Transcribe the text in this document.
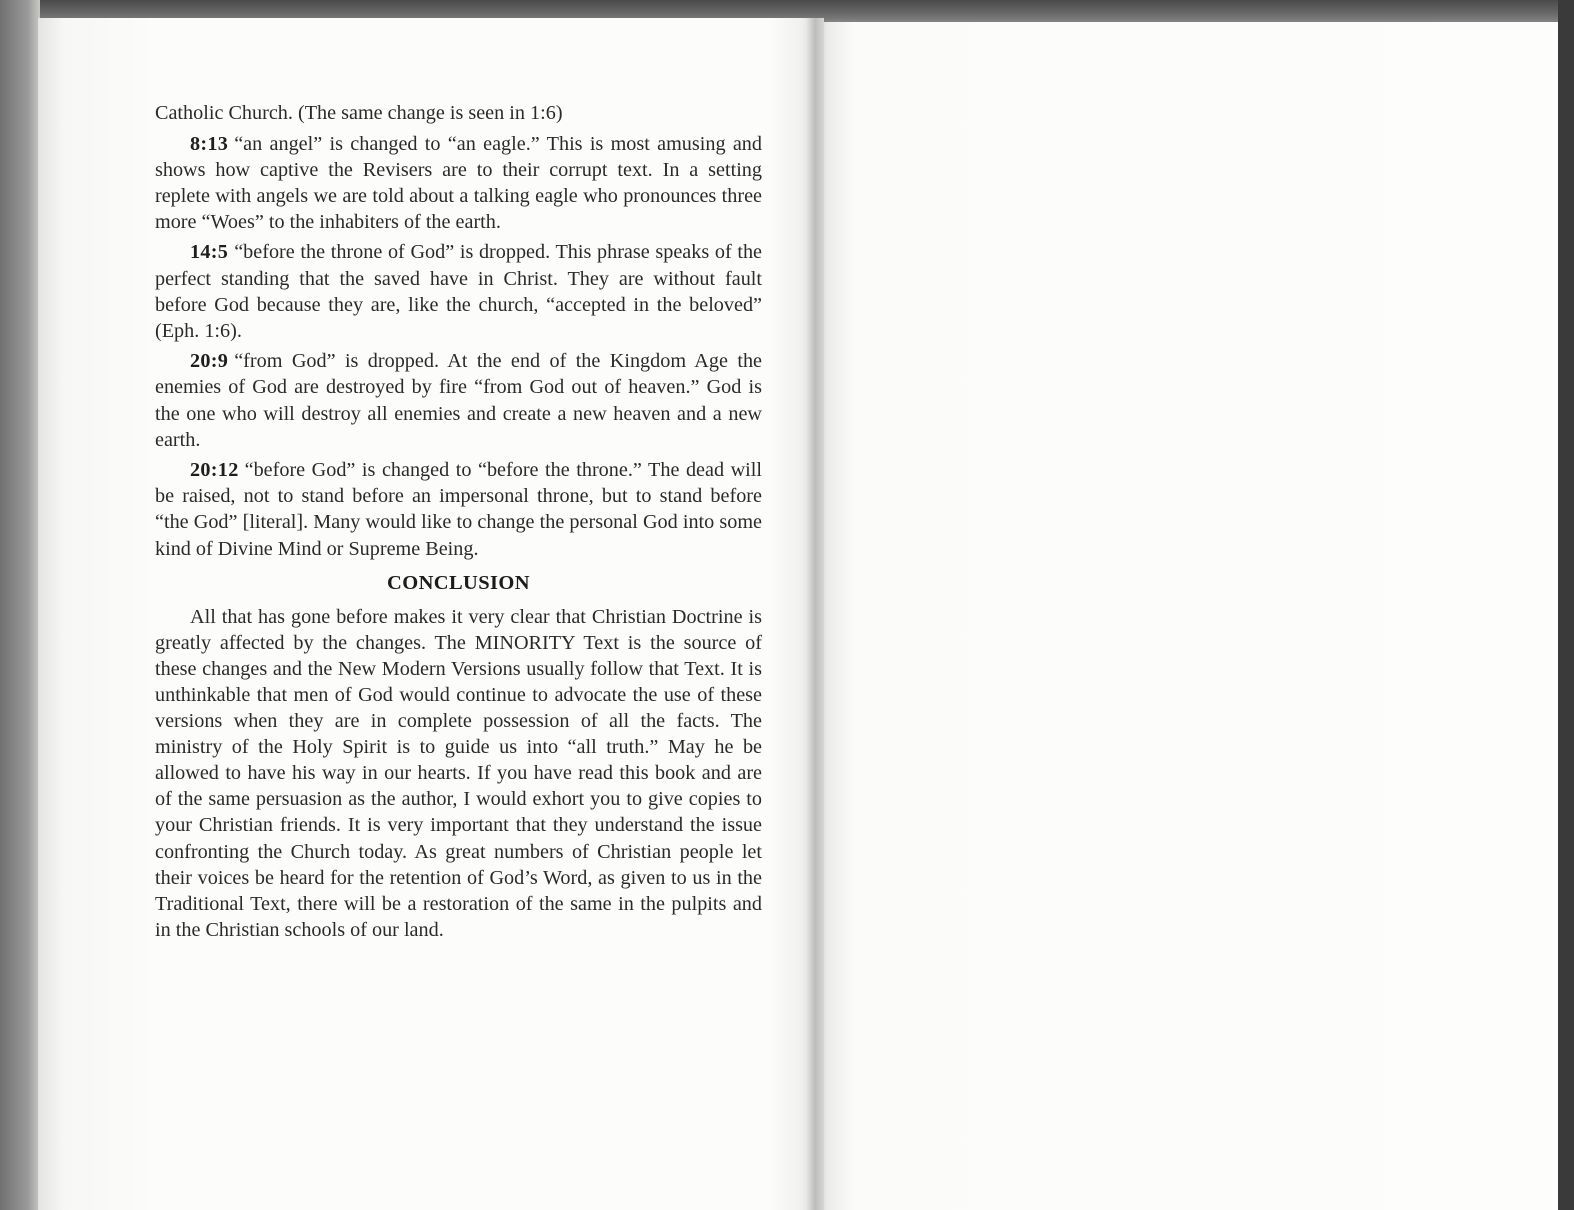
Catholic Church. (The same change is seen in 1:6)

8:13 “an angel” is changed to “an eagle.” This is most amusing and shows how captive the Revisers are to their corrupt text. In a setting replete with angels we are told about a talking eagle who pronounces three more “Woes” to the inhabiters of the earth.

14:5 “before the throne of God” is dropped. This phrase speaks of the perfect standing that the saved have in Christ. They are without fault before God because they are, like the church, “accepted in the beloved” (Eph. 1:6).

20:9 “from God” is dropped. At the end of the Kingdom Age the enemies of God are destroyed by fire “from God out of heaven.” God is the one who will destroy all enemies and create a new heaven and a new earth.

20:12 “before God” is changed to “before the throne.” The dead will be raised, not to stand before an impersonal throne, but to stand before “the God” [literal]. Many would like to change the personal God into some kind of Divine Mind or Supreme Being.

CONCLUSION

All that has gone before makes it very clear that Christian Doctrine is greatly affected by the changes. The MINORITY Text is the source of these changes and the New Modern Versions usually follow that Text. It is unthinkable that men of God would continue to advocate the use of these versions when they are in complete possession of all the facts. The ministry of the Holy Spirit is to guide us into “all truth.” May he be allowed to have his way in our hearts. If you have read this book and are of the same persuasion as the author, I would exhort you to give copies to your Christian friends. It is very important that they understand the issue confronting the Church today. As great numbers of Christian people let their voices be heard for the retention of God’s Word, as given to us in the Traditional Text, there will be a restoration of the same in the pulpits and in the Christian schools of our land.
